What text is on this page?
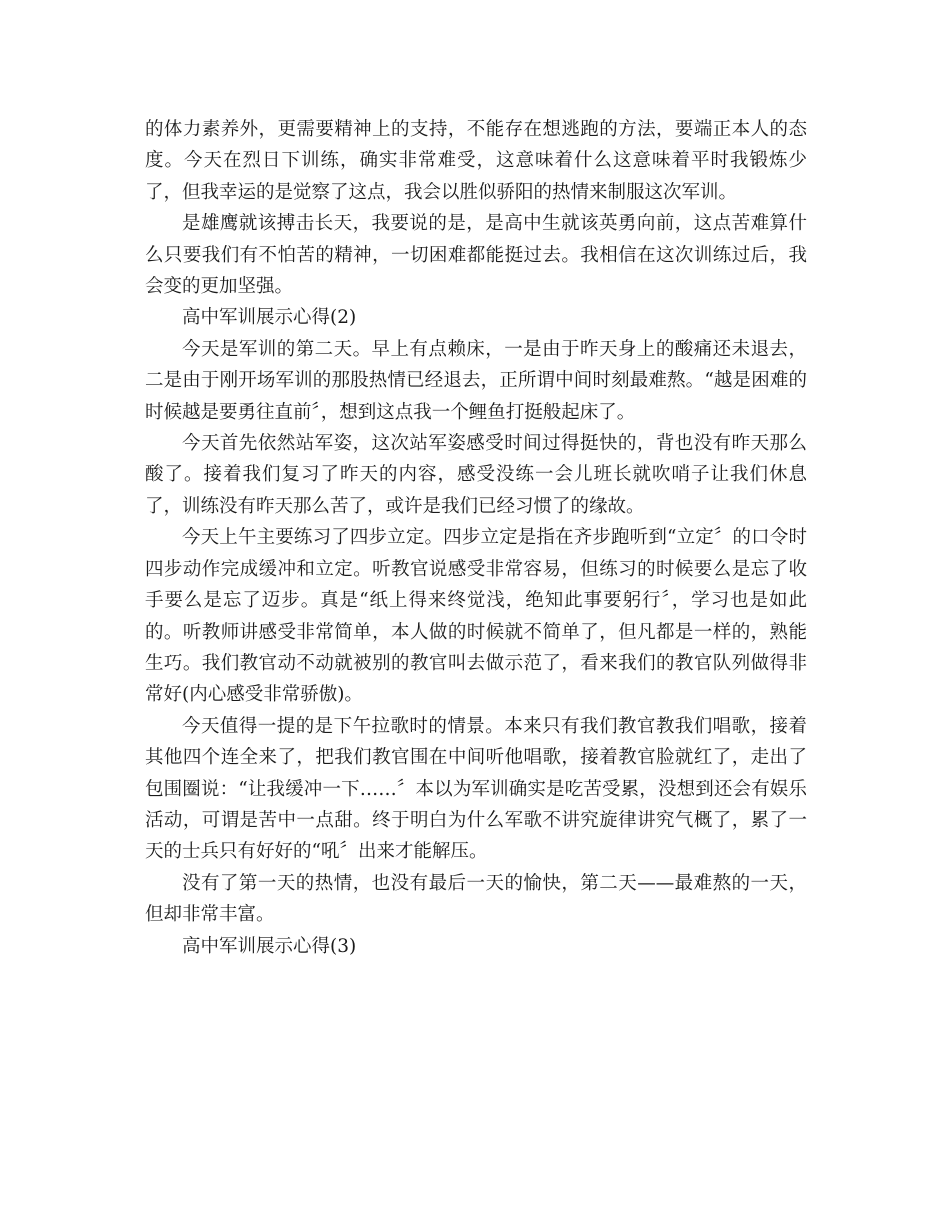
的体力素养外，更需要精神上的支持，不能存在想逃跑的方法，要端正本人的态度。今天在烈日下训练，确实非常难受，这意味着什么这意味着平时我锻炼少了，但我幸运的是觉察了这点，我会以胜似骄阳的热情来制服这次军训。

是雄鹰就该搏击长天，我要说的是，是高中生就该英勇向前，这点苦难算什么只要我们有不怕苦的精神，一切困难都能挺过去。我相信在这次训练过后，我会变的更加坚强。

高中军训展示心得(2)

今天是军训的第二天。早上有点赖床，一是由于昨天身上的酸痛还未退去，二是由于刚开场军训的那股热情已经退去，正所谓中间时刻最难熬。“越是困难的时候越是要勇往直前〞，想到这点我一个鲤鱼打挺般起床了。

今天首先依然站军姿，这次站军姿感受时间过得挺快的，背也没有昨天那么酸了。接着我们复习了昨天的内容，感受没练一会儿班长就吹哨子让我们休息了，训练没有昨天那么苦了，或许是我们已经习惯了的缘故。

今天上午主要练习了四步立定。四步立定是指在齐步跑听到“立定〞的口令时四步动作完成缓冲和立定。听教官说感受非常容易，但练习的时候要么是忘了收手要么是忘了迈步。真是“纸上得来终觉浅，绝知此事要躬行〞，学习也是如此的。听教师讲感受非常简单，本人做的时候就不简单了，但凡都是一样的，熟能生巧。我们教官动不动就被别的教官叫去做示范了，看来我们的教官队列做得非常好(内心感受非常骄傲)。

今天值得一提的是下午拉歌时的情景。本来只有我们教官教我们唱歌，接着其他四个连全来了，把我们教官围在中间听他唱歌，接着教官脸就红了，走出了包围圈说：“让我缓冲一下……〞本以为军训确实是吃苦受累，没想到还会有娱乐活动，可谓是苦中一点甜。终于明白为什么军歌不讲究旋律讲究气概了，累了一天的士兵只有好好的“吼〞出来才能解压。

没有了第一天的热情，也没有最后一天的愉快，第二天——最难熬的一天，但却非常丰富。

高中军训展示心得(3)
